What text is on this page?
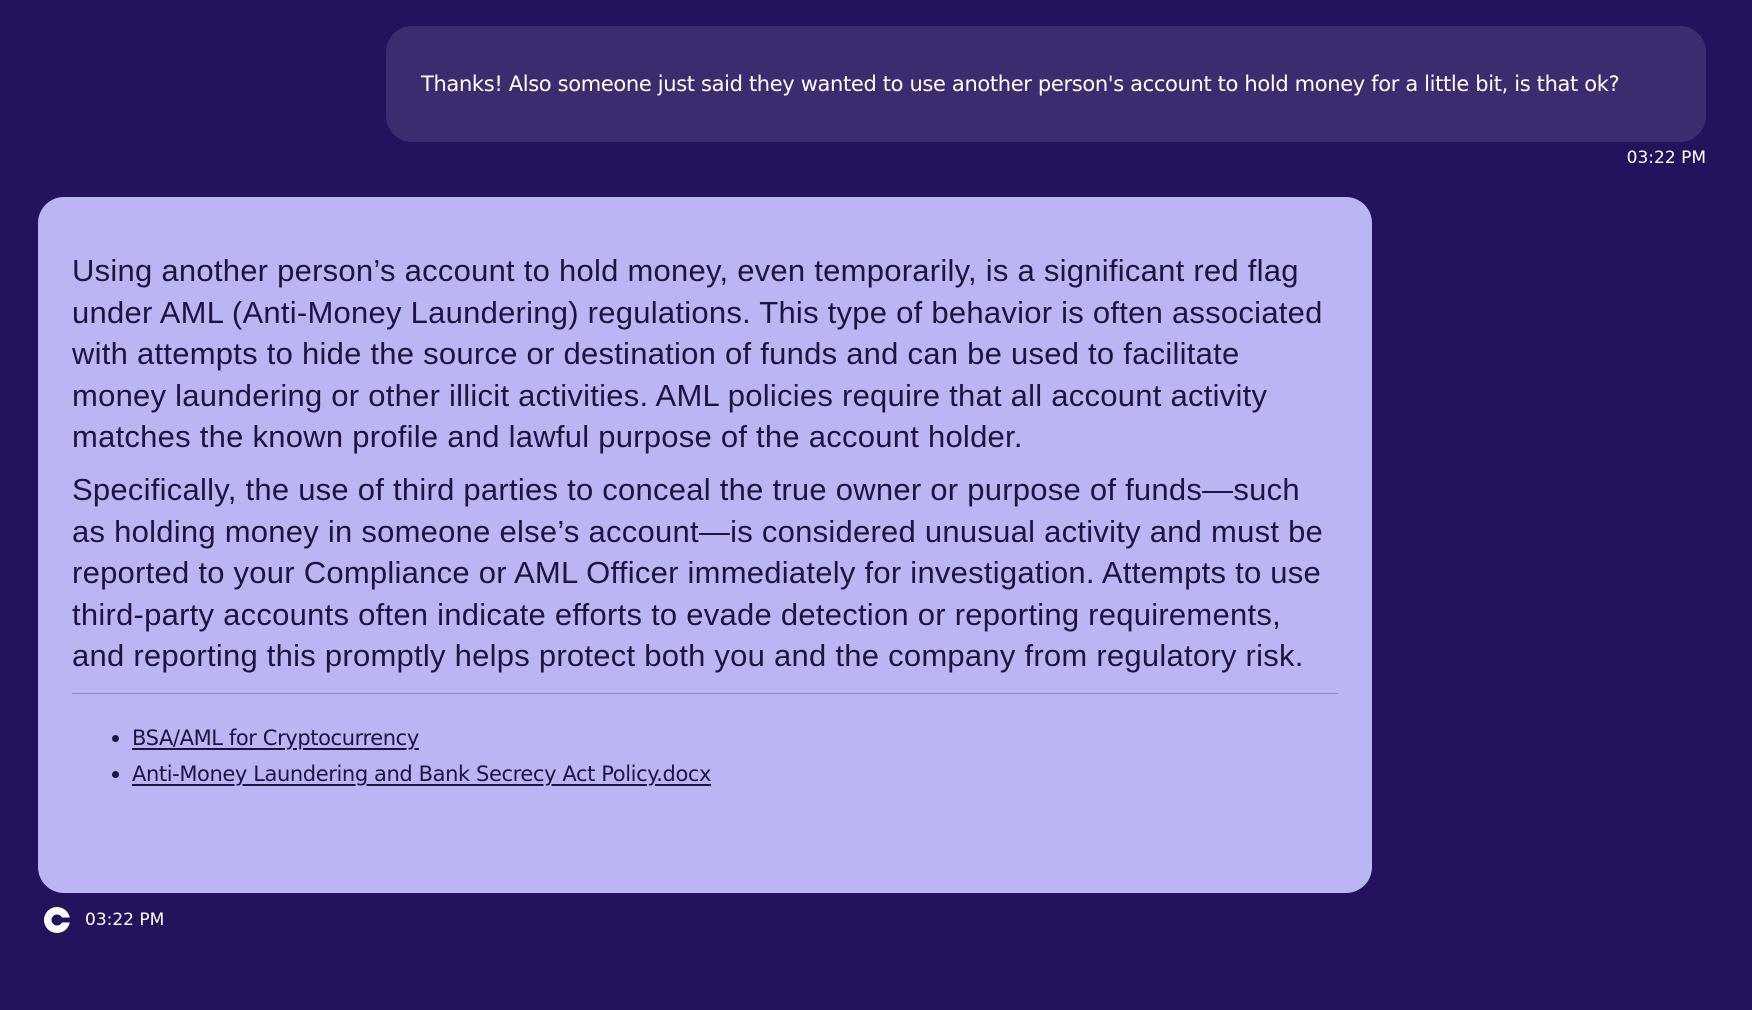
Thanks! Also someone just said they wanted to use another person's account to hold money for a little bit, is that ok?
03:22 PM

Using another person’s account to hold money, even temporarily, is a significant red flag under AML (Anti-Money Laundering) regulations. This type of behavior is often associated with attempts to hide the source or destination of funds and can be used to facilitate money laundering or other illicit activities. AML policies require that all account activity matches the known profile and lawful purpose of the account holder.

Specifically, the use of third parties to conceal the true owner or purpose of funds—such as holding money in someone else’s account—is considered unusual activity and must be reported to your Compliance or AML Officer immediately for investigation. Attempts to use third-party accounts often indicate efforts to evade detection or reporting requirements, and reporting this promptly helps protect both you and the company from regulatory risk.

BSA/AML for Cryptocurrency
Anti-Money Laundering and Bank Secrecy Act Policy.docx
03:22 PM
